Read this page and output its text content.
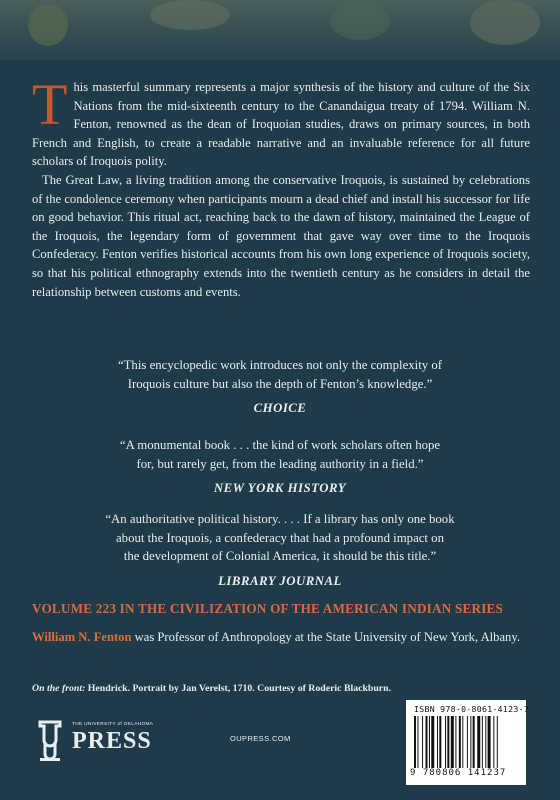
This masterful summary represents a major synthesis of the history and culture of the Six Nations from the mid-sixteenth century to the Canandaigua treaty of 1794. William N. Fenton, renowned as the dean of Iroquoian studies, draws on primary sources, in both French and English, to create a readable narrative and an invaluable reference for all future scholars of Iroquois polity.

The Great Law, a living tradition among the conservative Iroquois, is sustained by celebrations of the condolence ceremony when participants mourn a dead chief and install his successor for life on good behavior. This ritual act, reaching back to the dawn of history, maintained the League of the Iroquois, the legendary form of government that gave way over time to the Iroquois Confederacy. Fenton verifies historical accounts from his own long experience of Iroquois society, so that his political ethnography extends into the twentieth century as he considers in detail the relationship between customs and events.

“This encyclopedic work introduces not only the complexity of
Iroquois culture but also the depth of Fenton’s knowledge.”
CHOICE
“A monumental book . . . the kind of work scholars often hope
for, but rarely get, from the leading authority in a field.”
NEW YORK HISTORY
“An authoritative political history. . . . If a library has only one book
about the Iroquois, a confederacy that had a profound impact on
the development of Colonial America, it should be this title.”
LIBRARY JOURNAL
VOLUME 223 IN THE CIVILIZATION OF THE AMERICAN INDIAN SERIES
William N. Fenton was Professor of Anthropology at the State University of New York, Albany.
On the front: Hendrick. Portrait by Jan Verelst, 1710. Courtesy of Roderic Blackburn.
THE UNIVERSITY of OKLAHOMA
PRESS	OUPRESS.COM
ISBN 978-0-8061-4123-7
9 780806 141237
